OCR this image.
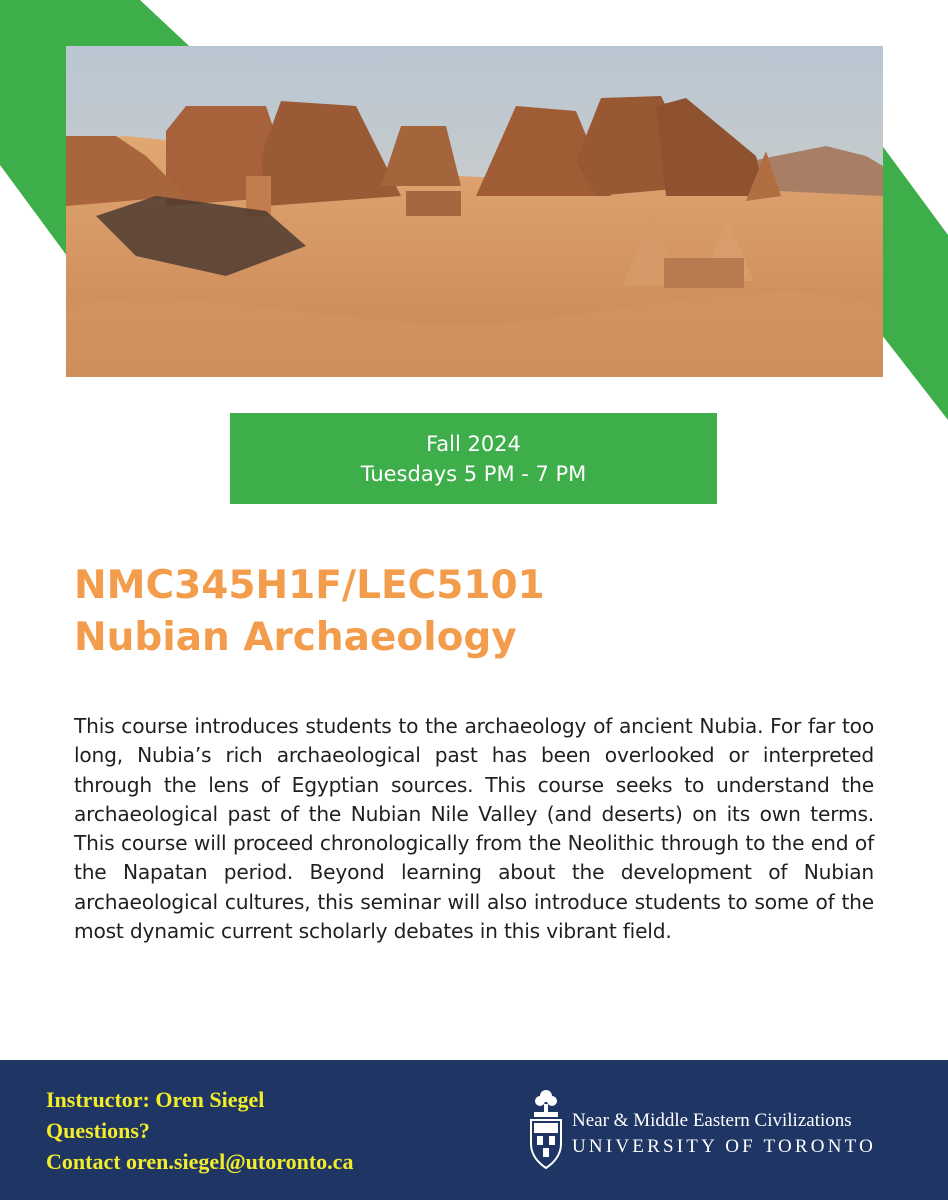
Fall 2024
Tuesdays 5 PM - 7 PM
NMC345H1F/LEC5101
Nubian Archaeology
This course introduces students to the archaeology of ancient Nubia. For far too long, Nubia’s rich archaeological past has been overlooked or interpreted through the lens of Egyptian sources. This course seeks to understand the archaeological past of the Nubian Nile Valley (and deserts) on its own terms. This course will proceed chronologically from the Neolithic through to the end of the Napatan period. Beyond learning about the development of Nubian archaeological cultures, this seminar will also introduce students to some of the most dynamic current scholarly debates in this vibrant field.
Instructor: Oren Siegel
Questions?
Contact oren.siegel@utoronto.ca
Near & Middle Eastern Civilizations
UNIVERSITY OF TORONTO
